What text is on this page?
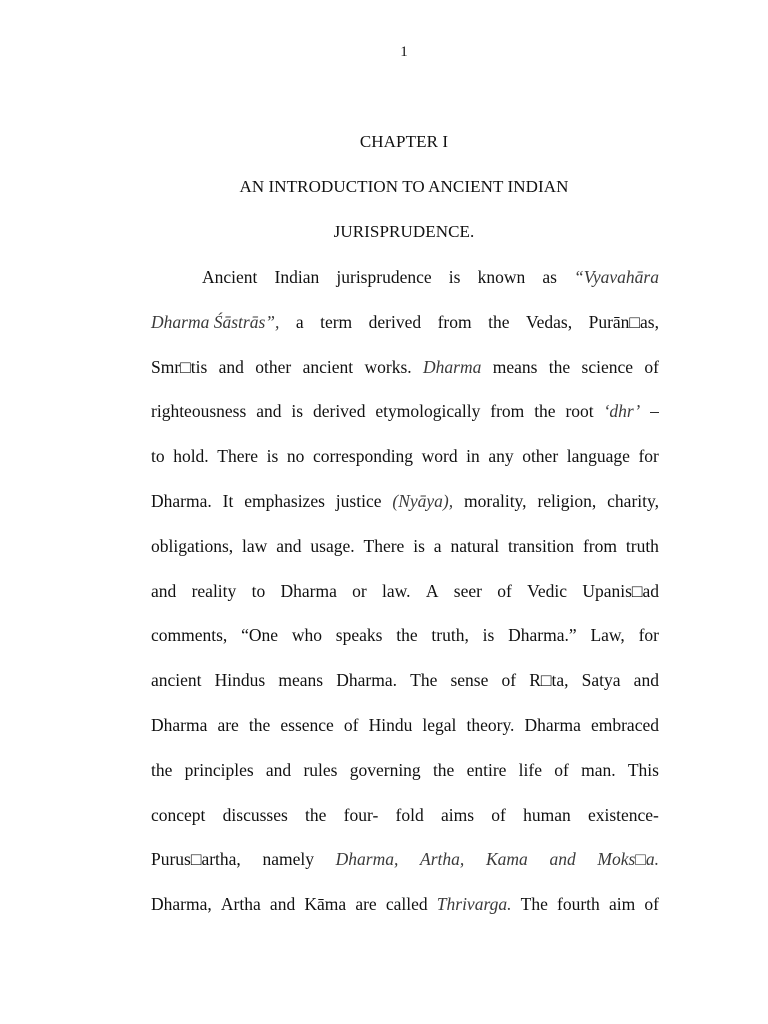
1
CHAPTER I
AN INTRODUCTION TO ANCIENT INDIAN
JURISPRUDENCE.
Ancient Indian jurisprudence is known as “Vyavahāra
Dharma Śāstrās”, a term derived from the Vedas, Purān□as,
Smr□tis and other ancient works. Dharma means the science of
righteousness and is derived etymologically from the root ‘dhr’ –
to hold. There is no corresponding word in any other language for
Dharma. It emphasizes justice (Nyāya), morality, religion, charity,
obligations, law and usage. There is a natural transition from truth
and reality to Dharma or law. A seer of Vedic Upanis□ad
comments, “One who speaks the truth, is Dharma.” Law, for
ancient Hindus means Dharma. The sense of R□ta, Satya and
Dharma are the essence of Hindu legal theory. Dharma embraced
the principles and rules governing the entire life of man. This
concept discusses the four- fold aims of human existence-
Purus□artha, namely Dharma, Artha, Kama and Moks□a.
Dharma, Artha and Kāma are called Thrivarga. The fourth aim of
